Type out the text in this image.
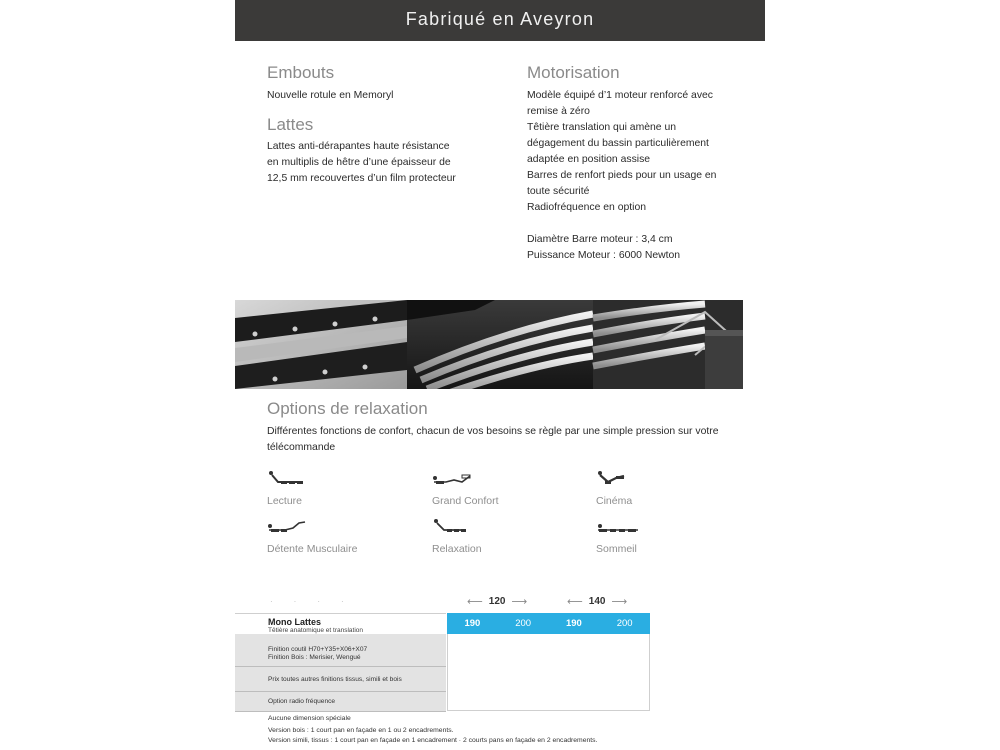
Fabriqué en Aveyron
Embouts
Nouvelle rotule en Memoryl
Lattes
Lattes anti-dérapantes haute résistance
en multiplis de hêtre d’une épaisseur de
12,5 mm recouvertes d’un film protecteur
Motorisation
Modèle équipé d’1 moteur renforcé avec
remise à zéro
Têtière translation qui amène un
dégagement du bassin particulièrement
adaptée en position assise
Barres de renfort pieds pour un usage en
toute sécurité
Radiofréquence en option
Diamètre Barre moteur : 3,4 cm
Puissance Moteur : 6000 Newton
Options de relaxation
Différentes fonctions de confort, chacun de vos besoins se règle par une simple pression sur votre
télécommande
Lecture	Grand Confort	Cinéma
Détente Musculaire	Relaxation	Sommeil
····	⟵ 120 ⟶	⟵ 140 ⟶
Mono Lattes
Têtière anatomique et translation
190	200	190	200
Finition coutil H70+Y35+X06+X07
Finition Bois : Merisier, Wengué
Prix toutes autres finitions tissus, simili et bois
Option radio fréquence
Aucune dimension spéciale
Version bois : 1 court pan en façade en 1 ou 2 encadrements.
Version simili, tissus : 1 court pan en façade en 1 encadrement · 2 courts pans en façade en 2 encadrements.
